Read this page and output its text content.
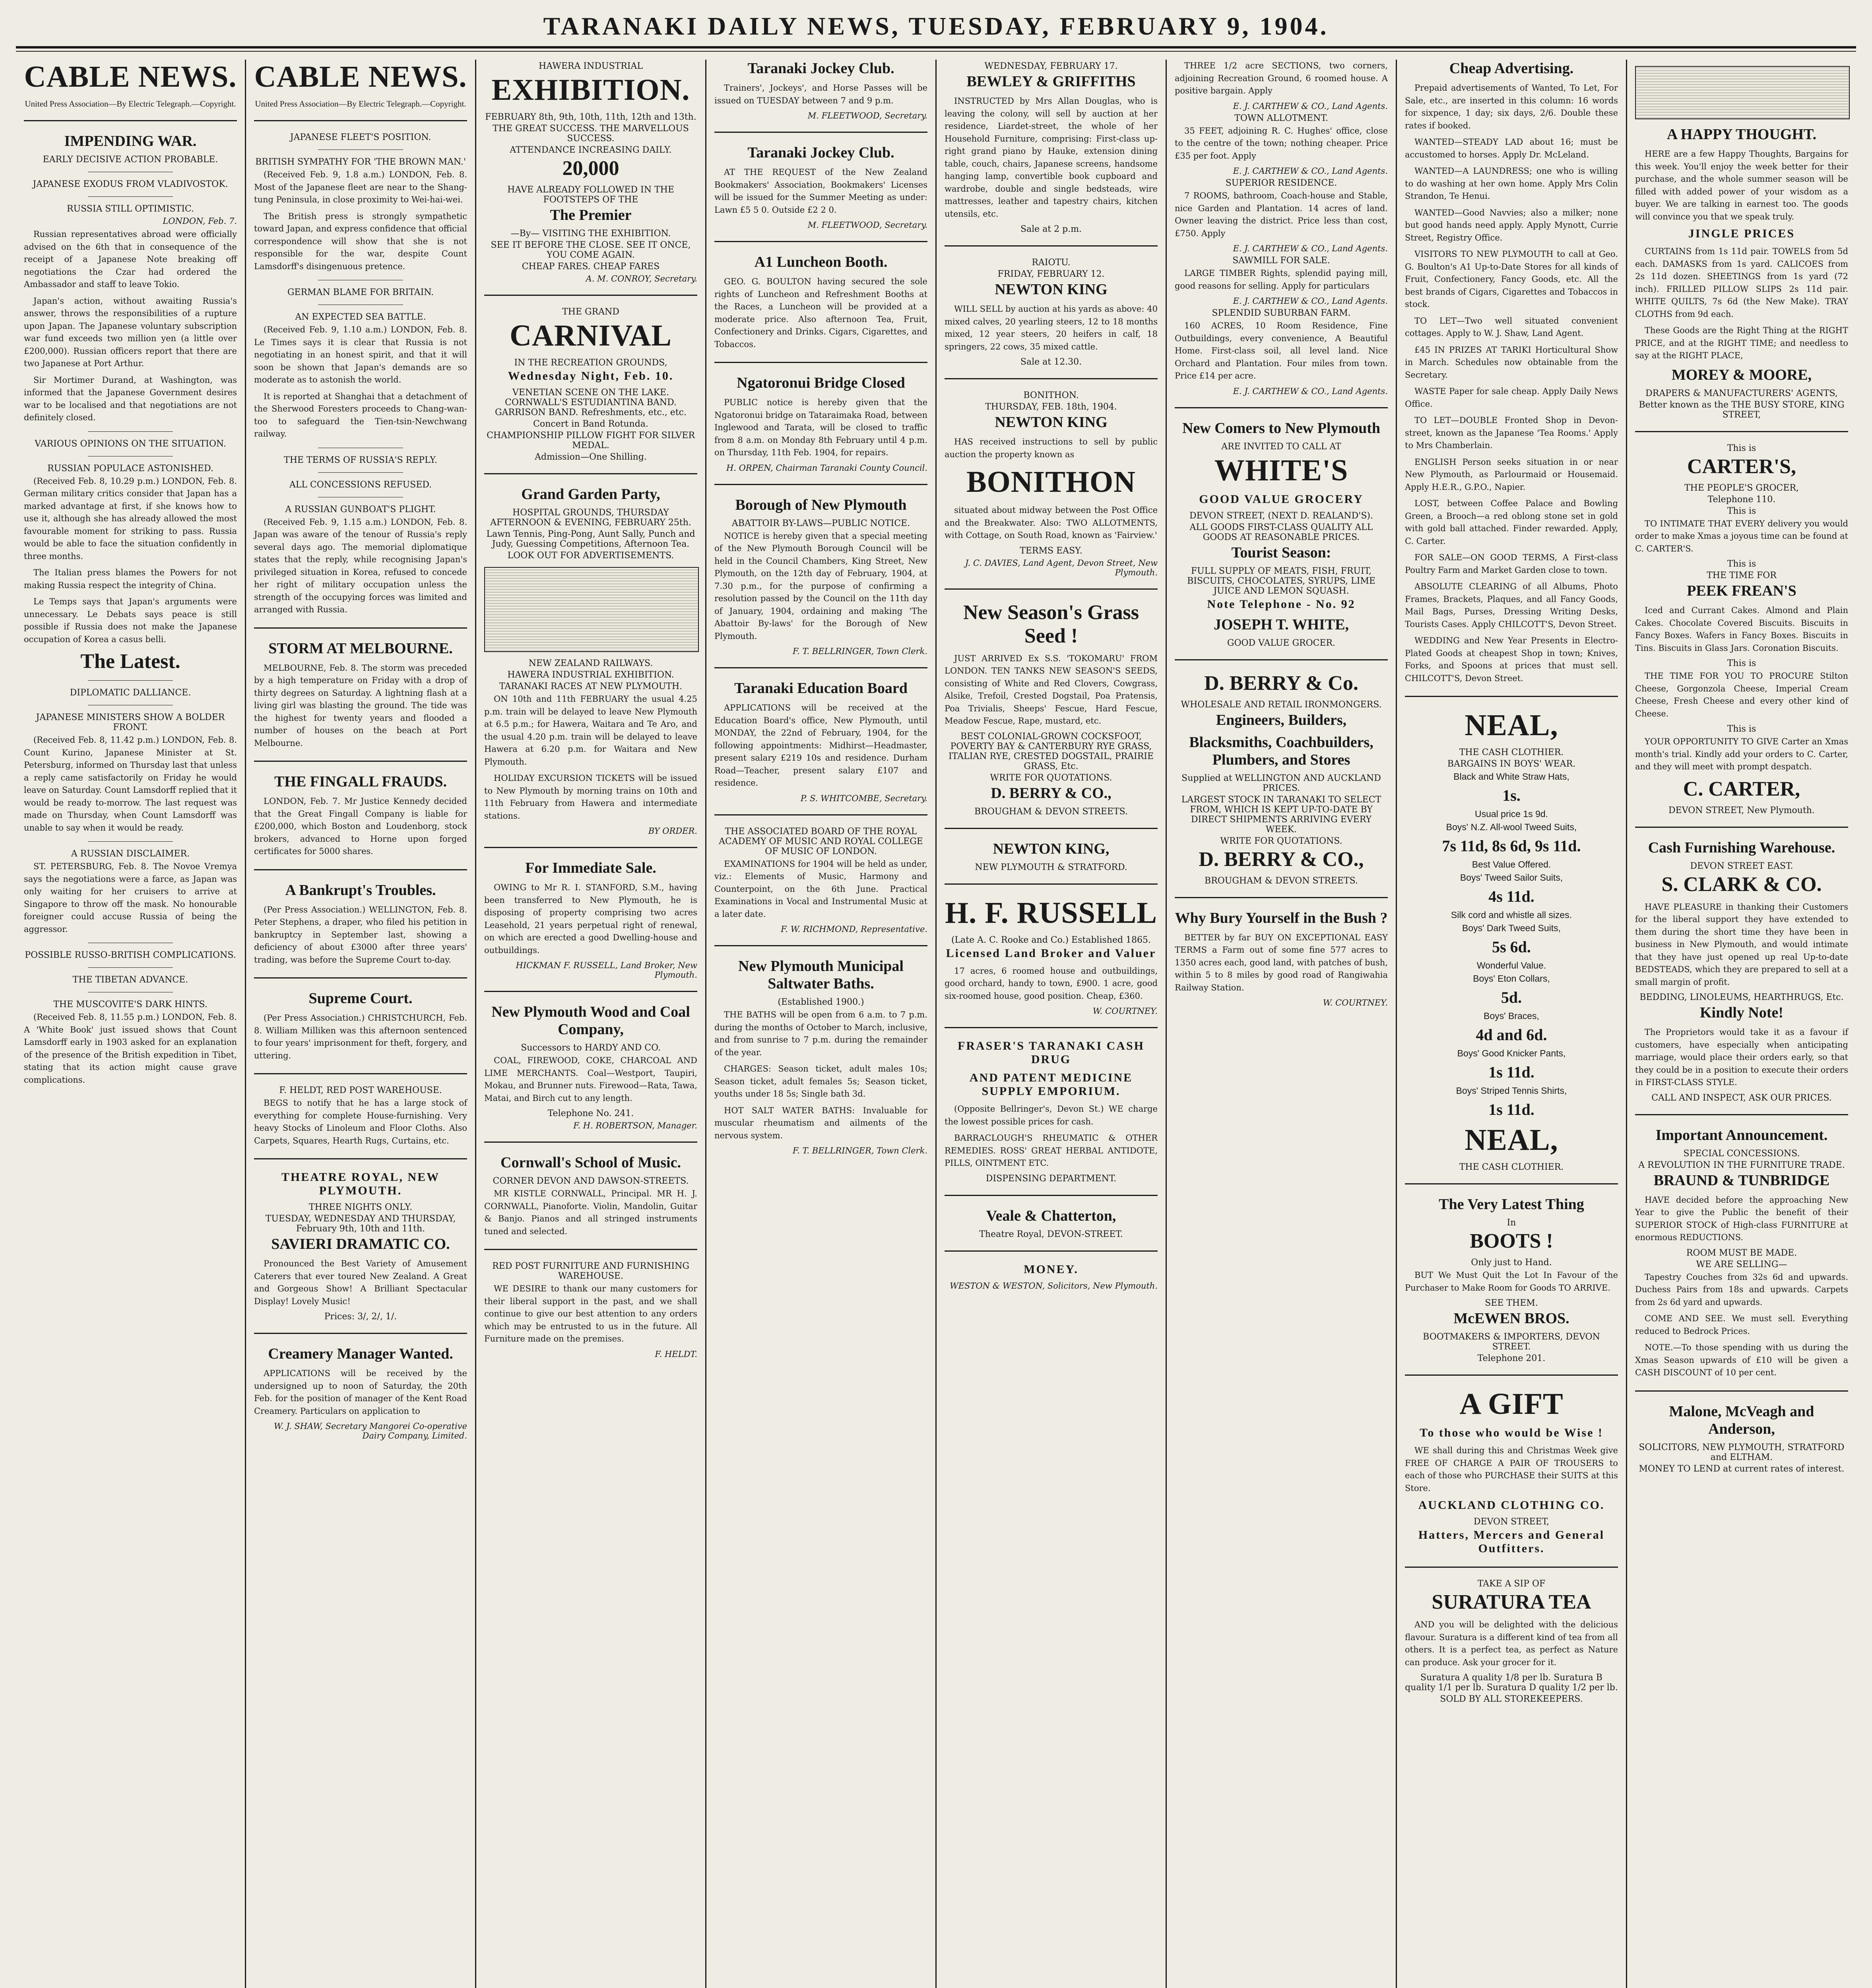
TARANAKI DAILY NEWS, TUESDAY, FEBRUARY 9, 1904.
CABLE NEWS.
United Press Association—By Electric Telegraph.—Copyright.
IMPENDING WAR.
EARLY DECISIVE ACTION PROBABLE.
JAPANESE EXODUS FROM VLADIVOSTOK.
RUSSIA STILL OPTIMISTIC.
LONDON, Feb. 7.

Russian representatives abroad were officially advised on the 6th that in consequence of the receipt of a Japanese Note breaking off negotiations the Czar had ordered the Ambassador and staff to leave Tokio.

Japan's action, without awaiting Russia's answer, throws the responsibilities of a rupture upon Japan. The Japanese voluntary subscription war fund exceeds two million yen (a little over £200,000). Russian officers report that there are two Japanese at Port Arthur.

Sir Mortimer Durand, at Washington, was informed that the Japanese Government desires war to be localised and that negotiations are not definitely closed.

VARIOUS OPINIONS ON THE SITUATION.
RUSSIAN POPULACE ASTONISHED.

(Received Feb. 8, 10.29 p.m.) LONDON, Feb. 8. German military critics consider that Japan has a marked advantage at first, if she knows how to use it, although she has already allowed the most favourable moment for striking to pass. Russia would be able to face the situation confidently in three months.

The Italian press blames the Powers for not making Russia respect the integrity of China.

Le Temps says that Japan's arguments were unnecessary. Le Debats says peace is still possible if Russia does not make the Japanese occupation of Korea a casus belli.

The Latest.
DIPLOMATIC DALLIANCE.
JAPANESE MINISTERS SHOW A BOLDER FRONT.

(Received Feb. 8, 11.42 p.m.) LONDON, Feb. 8. Count Kurino, Japanese Minister at St. Petersburg, informed on Thursday last that unless a reply came satisfactorily on Friday he would leave on Saturday. Count Lamsdorff replied that it would be ready to-morrow. The last request was made on Thursday, when Count Lamsdorff was unable to say when it would be ready.

A RUSSIAN DISCLAIMER.

ST. PETERSBURG, Feb. 8. The Novoe Vremya says the negotiations were a farce, as Japan was only waiting for her cruisers to arrive at Singapore to throw off the mask. No honourable foreigner could accuse Russia of being the aggressor.

POSSIBLE RUSSO-BRITISH COMPLICATIONS.
THE TIBETAN ADVANCE.
THE MUSCOVITE'S DARK HINTS.

(Received Feb. 8, 11.55 p.m.) LONDON, Feb. 8. A 'White Book' just issued shows that Count Lamsdorff early in 1903 asked for an explanation of the presence of the British expedition in Tibet, stating that its action might cause grave complications.

CABLE NEWS.
United Press Association—By Electric Telegraph.—Copyright.
JAPANESE FLEET'S POSITION.
BRITISH SYMPATHY FOR 'THE BROWN MAN.'

(Received Feb. 9, 1.8 a.m.) LONDON, Feb. 8. Most of the Japanese fleet are near to the Shang-tung Peninsula, in close proximity to Wei-hai-wei.

The British press is strongly sympathetic toward Japan, and express confidence that official correspondence will show that she is not responsible for the war, despite Count Lamsdorff's disingenuous pretence.

GERMAN BLAME FOR BRITAIN.
AN EXPECTED SEA BATTLE.

(Received Feb. 9, 1.10 a.m.) LONDON, Feb. 8. Le Times says it is clear that Russia is not negotiating in an honest spirit, and that it will soon be shown that Japan's demands are so moderate as to astonish the world.

It is reported at Shanghai that a detachment of the Sherwood Foresters proceeds to Chang-wan-too to safeguard the Tien-tsin-Newchwang railway.

THE TERMS OF RUSSIA'S REPLY.
ALL CONCESSIONS REFUSED.
A RUSSIAN GUNBOAT'S PLIGHT.

(Received Feb. 9, 1.15 a.m.) LONDON, Feb. 8. Japan was aware of the tenour of Russia's reply several days ago. The memorial diplomatique states that the reply, while recognising Japan's privileged situation in Korea, refused to concede her right of military occupation unless the strength of the occupying forces was limited and arranged with Russia.

STORM AT MELBOURNE.

MELBOURNE, Feb. 8. The storm was preceded by a high temperature on Friday with a drop of thirty degrees on Saturday. A lightning flash at a living girl was blasting the ground. The tide was the highest for twenty years and flooded a number of houses on the beach at Port Melbourne.

THE FINGALL FRAUDS.

LONDON, Feb. 7. Mr Justice Kennedy decided that the Great Fingall Company is liable for £200,000, which Boston and Loudenborg, stock brokers, advanced to Horne upon forged certificates for 5000 shares.

A Bankrupt's Troubles.

(Per Press Association.) WELLINGTON, Feb. 8. Peter Stephens, a draper, who filed his petition in bankruptcy in September last, showing a deficiency of about £3000 after three years' trading, was before the Supreme Court to-day.

Supreme Court.

(Per Press Association.) CHRISTCHURCH, Feb. 8. William Milliken was this afternoon sentenced to four years' imprisonment for theft, forgery, and uttering.

F. HELDT, RED POST WAREHOUSE.

BEGS to notify that he has a large stock of everything for complete House-furnishing. Very heavy Stocks of Linoleum and Floor Cloths. Also Carpets, Squares, Hearth Rugs, Curtains, etc.

THEATRE ROYAL, NEW PLYMOUTH.
THREE NIGHTS ONLY.
TUESDAY, WEDNESDAY AND THURSDAY, February 9th, 10th and 11th.
SAVIERI DRAMATIC CO.

Pronounced the Best Variety of Amusement Caterers that ever toured New Zealand. A Great and Gorgeous Show! A Brilliant Spectacular Display! Lovely Music!

Prices: 3/, 2/, 1/.
Creamery Manager Wanted.

APPLICATIONS will be received by the undersigned up to noon of Saturday, the 20th Feb. for the position of manager of the Kent Road Creamery. Particulars on application to

W. J. SHAW, Secretary Mangorei Co-operative Dairy Company, Limited.
HAWERA INDUSTRIAL
EXHIBITION.
FEBRUARY 8th, 9th, 10th, 11th, 12th and 13th.
THE GREAT SUCCESS. THE MARVELLOUS SUCCESS.
ATTENDANCE INCREASING DAILY.
20,000
HAVE ALREADY FOLLOWED IN THE FOOTSTEPS OF THE
The Premier
—By— VISITING THE EXHIBITION.
SEE IT BEFORE THE CLOSE. SEE IT ONCE, YOU COME AGAIN.
CHEAP FARES. CHEAP FARES
A. M. CONROY, Secretary.
THE GRAND
CARNIVAL
IN THE RECREATION GROUNDS,
Wednesday Night, Feb. 10.
VENETIAN SCENE ON THE LAKE. CORNWALL'S ESTUDIANTINA BAND. GARRISON BAND. Refreshments, etc., etc.
Concert in Band Rotunda.
CHAMPIONSHIP PILLOW FIGHT FOR SILVER MEDAL.
Admission—One Shilling.
Grand Garden Party,
HOSPITAL GROUNDS, THURSDAY AFTERNOON & EVENING, FEBRUARY 25th.
Lawn Tennis, Ping-Pong, Aunt Sally, Punch and Judy, Guessing Competitions, Afternoon Tea.
LOOK OUT FOR ADVERTISEMENTS.
NEW ZEALAND RAILWAYS.
HAWERA INDUSTRIAL EXHIBITION.
TARANAKI RACES AT NEW PLYMOUTH.

ON 10th and 11th FEBRUARY the usual 4.25 p.m. train will be delayed to leave New Plymouth at 6.5 p.m.; for Hawera, Waitara and Te Aro, and the usual 4.20 p.m. train will be delayed to leave Hawera at 6.20 p.m. for Waitara and New Plymouth.

HOLIDAY EXCURSION TICKETS will be issued to New Plymouth by morning trains on 10th and 11th February from Hawera and intermediate stations.

BY ORDER.
For Immediate Sale.

OWING to Mr R. I. STANFORD, S.M., having been transferred to New Plymouth, he is disposing of property comprising two acres Leasehold, 21 years perpetual right of renewal, on which are erected a good Dwelling-house and outbuildings.

HICKMAN F. RUSSELL, Land Broker, New Plymouth.
New Plymouth Wood and Coal Company,
Successors to HARDY AND CO.

COAL, FIREWOOD, COKE, CHARCOAL AND LIME MERCHANTS. Coal—Westport, Taupiri, Mokau, and Brunner nuts. Firewood—Rata, Tawa, Matai, and Birch cut to any length.

Telephone No. 241.
F. H. ROBERTSON, Manager.
Cornwall's School of Music.
CORNER DEVON AND DAWSON-STREETS.

MR KISTLE CORNWALL, Principal. MR H. J. CORNWALL, Pianoforte. Violin, Mandolin, Guitar & Banjo. Pianos and all stringed instruments tuned and selected.

RED POST FURNITURE AND FURNISHING WAREHOUSE.

WE DESIRE to thank our many customers for their liberal support in the past, and we shall continue to give our best attention to any orders which may be entrusted to us in the future. All Furniture made on the premises.

F. HELDT.
Taranaki Jockey Club.

Trainers', Jockeys', and Horse Passes will be issued on TUESDAY between 7 and 9 p.m.

M. FLEETWOOD, Secretary.
Taranaki Jockey Club.

AT THE REQUEST of the New Zealand Bookmakers' Association, Bookmakers' Licenses will be issued for the Summer Meeting as under: Lawn £5 5 0. Outside £2 2 0.

M. FLEETWOOD, Secretary.
A1 Luncheon Booth.

GEO. G. BOULTON having secured the sole rights of Luncheon and Refreshment Booths at the Races, a Luncheon will be provided at a moderate price. Also afternoon Tea, Fruit, Confectionery and Drinks. Cigars, Cigarettes, and Tobaccos.

Ngatoronui Bridge Closed

PUBLIC notice is hereby given that the Ngatoronui bridge on Tataraimaka Road, between Inglewood and Tarata, will be closed to traffic from 8 a.m. on Monday 8th February until 4 p.m. on Thursday, 11th Feb. 1904, for repairs.

H. ORPEN, Chairman Taranaki County Council.
Borough of New Plymouth
ABATTOIR BY-LAWS—PUBLIC NOTICE.

NOTICE is hereby given that a special meeting of the New Plymouth Borough Council will be held in the Council Chambers, King Street, New Plymouth, on the 12th day of February, 1904, at 7.30 p.m., for the purpose of confirming a resolution passed by the Council on the 11th day of January, 1904, ordaining and making 'The Abattoir By-laws' for the Borough of New Plymouth.

F. T. BELLRINGER, Town Clerk.
Taranaki Education Board

APPLICATIONS will be received at the Education Board's office, New Plymouth, until MONDAY, the 22nd of February, 1904, for the following appointments: Midhirst—Headmaster, present salary £219 10s and residence. Durham Road—Teacher, present salary £107 and residence.

P. S. WHITCOMBE, Secretary.
THE ASSOCIATED BOARD OF THE ROYAL ACADEMY OF MUSIC AND ROYAL COLLEGE OF MUSIC OF LONDON.

EXAMINATIONS for 1904 will be held as under, viz.: Elements of Music, Harmony and Counterpoint, on the 6th June. Practical Examinations in Vocal and Instrumental Music at a later date.

F. W. RICHMOND, Representative.
New Plymouth Municipal Saltwater Baths.
(Established 1900.)

THE BATHS will be open from 6 a.m. to 7 p.m. during the months of October to March, inclusive, and from sunrise to 7 p.m. during the remainder of the year.

CHARGES: Season ticket, adult males 10s; Season ticket, adult females 5s; Season ticket, youths under 18 5s; Single bath 3d.

HOT SALT WATER BATHS: Invaluable for muscular rheumatism and ailments of the nervous system.

F. T. BELLRINGER, Town Clerk.
WEDNESDAY, FEBRUARY 17.
BEWLEY & GRIFFITHS

INSTRUCTED by Mrs Allan Douglas, who is leaving the colony, will sell by auction at her residence, Liardet-street, the whole of her Household Furniture, comprising: First-class up-right grand piano by Hauke, extension dining table, couch, chairs, Japanese screens, handsome hanging lamp, convertible book cupboard and wardrobe, double and single bedsteads, wire mattresses, leather and tapestry chairs, kitchen utensils, etc.

Sale at 2 p.m.
RAIOTU.
FRIDAY, FEBRUARY 12.
NEWTON KING

WILL SELL by auction at his yards as above: 40 mixed calves, 20 yearling steers, 12 to 18 months mixed, 12 year steers, 20 heifers in calf, 18 springers, 22 cows, 35 mixed cattle.

Sale at 12.30.
BONITHON.
THURSDAY, FEB. 18th, 1904.
NEWTON KING

HAS received instructions to sell by public auction the property known as

BONITHON

situated about midway between the Post Office and the Breakwater. Also: TWO ALLOTMENTS, with Cottage, on South Road, known as 'Fairview.'

TERMS EASY.
J. C. DAVIES, Land Agent, Devon Street, New Plymouth.
New Season's Grass Seed !

JUST ARRIVED Ex S.S. 'TOKOMARU' FROM LONDON. TEN TANKS NEW SEASON'S SEEDS, consisting of White and Red Clovers, Cowgrass, Alsike, Trefoil, Crested Dogstail, Poa Pratensis, Poa Trivialis, Sheeps' Fescue, Hard Fescue, Meadow Fescue, Rape, mustard, etc.

BEST COLONIAL-GROWN COCKSFOOT, POVERTY BAY & CANTERBURY RYE GRASS, ITALIAN RYE, CRESTED DOGSTAIL, PRAIRIE GRASS, Etc.
WRITE FOR QUOTATIONS.
D. BERRY & CO.,
BROUGHAM & DEVON STREETS.
NEWTON KING,
NEW PLYMOUTH & STRATFORD.
H. F. RUSSELL
(Late A. C. Rooke and Co.) Established 1865.
Licensed Land Broker and Valuer

17 acres, 6 roomed house and outbuildings, good orchard, handy to town, £900. 1 acre, good six-roomed house, good position. Cheap, £360.

W. COURTNEY.
FRASER'S TARANAKI CASH DRUG
AND PATENT MEDICINE SUPPLY EMPORIUM.

(Opposite Bellringer's, Devon St.) WE charge the lowest possible prices for cash.

BARRACLOUGH'S RHEUMATIC & OTHER REMEDIES. ROSS' GREAT HERBAL ANTIDOTE, PILLS, OINTMENT ETC.

DISPENSING DEPARTMENT.
Veale & Chatterton,
Theatre Royal, DEVON-STREET.
MONEY.
WESTON & WESTON, Solicitors, New Plymouth.

THREE 1/2 acre SECTIONS, two corners, adjoining Recreation Ground, 6 roomed house. A positive bargain. Apply

E. J. CARTHEW & CO., Land Agents.
TOWN ALLOTMENT.

35 FEET, adjoining R. C. Hughes' office, close to the centre of the town; nothing cheaper. Price £35 per foot. Apply

E. J. CARTHEW & CO., Land Agents.
SUPERIOR RESIDENCE.

7 ROOMS, bathroom, Coach-house and Stable, nice Garden and Plantation. 14 acres of land. Owner leaving the district. Price less than cost, £750. Apply

E. J. CARTHEW & CO., Land Agents.
SAWMILL FOR SALE.

LARGE TIMBER Rights, splendid paying mill, good reasons for selling. Apply for particulars

E. J. CARTHEW & CO., Land Agents.
SPLENDID SUBURBAN FARM.

160 ACRES, 10 Room Residence, Fine Outbuildings, every convenience, A Beautiful Home. First-class soil, all level land. Nice Orchard and Plantation. Four miles from town. Price £14 per acre.

E. J. CARTHEW & CO., Land Agents.
New Comers to New Plymouth
ARE INVITED TO CALL AT
WHITE'S
GOOD VALUE GROCERY
DEVON STREET, (NEXT D. REALAND'S).
ALL GOODS FIRST-CLASS QUALITY ALL GOODS AT REASONABLE PRICES.
Tourist Season:
FULL SUPPLY OF MEATS, FISH, FRUIT, BISCUITS, CHOCOLATES, SYRUPS, LIME JUICE AND LEMON SQUASH.
Note Telephone - No. 92
JOSEPH T. WHITE,
GOOD VALUE GROCER.
D. BERRY & Co.
WHOLESALE AND RETAIL IRONMONGERS.
Engineers, Builders,
Blacksmiths, Coachbuilders, Plumbers, and Stores
Supplied at WELLINGTON AND AUCKLAND PRICES.
LARGEST STOCK IN TARANAKI TO SELECT FROM, WHICH IS KEPT UP-TO-DATE BY DIRECT SHIPMENTS ARRIVING EVERY WEEK.
WRITE FOR QUOTATIONS.
D. BERRY & CO.,
BROUGHAM & DEVON STREETS.
Why Bury Yourself in the Bush ?

BETTER by far BUY ON EXCEPTIONAL EASY TERMS a Farm out of some fine 577 acres to 1350 acres each, good land, with patches of bush, within 5 to 8 miles by good road of Rangiwahia Railway Station.

W. COURTNEY.
Cheap Advertising.

Prepaid advertisements of Wanted, To Let, For Sale, etc., are inserted in this column: 16 words for sixpence, 1 day; six days, 2/6. Double these rates if booked.

WANTED—STEADY LAD about 16; must be accustomed to horses. Apply Dr. McLeland.

WANTED—A LAUNDRESS; one who is willing to do washing at her own home. Apply Mrs Colin Strandon, Te Henui.

WANTED—Good Navvies; also a milker; none but good hands need apply. Apply Mynott, Currie Street, Registry Office.

VISITORS TO NEW PLYMOUTH to call at Geo. G. Boulton's A1 Up-to-Date Stores for all kinds of Fruit, Confectionery, Fancy Goods, etc. All the best brands of Cigars, Cigarettes and Tobaccos in stock.

TO LET—Two well situated convenient cottages. Apply to W. J. Shaw, Land Agent.

£45 IN PRIZES AT TARIKI Horticultural Show in March. Schedules now obtainable from the Secretary.

WASTE Paper for sale cheap. Apply Daily News Office.

TO LET—DOUBLE Fronted Shop in Devon-street, known as the Japanese 'Tea Rooms.' Apply to Mrs Chamberlain.

ENGLISH Person seeks situation in or near New Plymouth, as Parlourmaid or Housemaid. Apply H.E.R., G.P.O., Napier.

LOST, between Coffee Palace and Bowling Green, a Brooch—a red oblong stone set in gold with gold ball attached. Finder rewarded. Apply, C. Carter.

FOR SALE—ON GOOD TERMS, A First-class Poultry Farm and Market Garden close to town.

ABSOLUTE CLEARING of all Albums, Photo Frames, Brackets, Plaques, and all Fancy Goods, Mail Bags, Purses, Dressing Writing Desks, Tourists Cases. Apply CHILCOTT'S, Devon Street.

WEDDING and New Year Presents in Electro-Plated Goods at cheapest Shop in town; Knives, Forks, and Spoons at prices that must sell. CHILCOTT'S, Devon Street.

NEAL,
THE CASH CLOTHIER.
BARGAINS IN BOYS' WEAR.
Black and White Straw Hats,
1s.
Usual price 1s 9d.
Boys' N.Z. All-wool Tweed Suits,
7s 11d, 8s 6d, 9s 11d.
Best Value Offered.
Boys' Tweed Sailor Suits,
4s 11d.
Silk cord and whistle all sizes.
Boys' Dark Tweed Suits,
5s 6d.
Wonderful Value.
Boys' Eton Collars,
5d.
Boys' Braces,
4d and 6d.
Boys' Good Knicker Pants,
1s 11d.
Boys' Striped Tennis Shirts,
1s 11d.
NEAL,
THE CASH CLOTHIER.
The Very Latest Thing
In
BOOTS !
Only just to Hand.

BUT We Must Quit the Lot In Favour of the Purchaser to Make Room for Goods TO ARRIVE.

SEE THEM.
McEWEN BROS.
BOOTMAKERS & IMPORTERS, DEVON STREET.
Telephone 201.
A GIFT
To those who would be Wise !

WE shall during this and Christmas Week give FREE OF CHARGE A PAIR OF TROUSERS to each of those who PURCHASE their SUITS at this Store.

AUCKLAND CLOTHING CO.
DEVON STREET,
Hatters, Mercers and General Outfitters.
TAKE A SIP OF
SURATURA TEA

AND you will be delighted with the delicious flavour. Suratura is a different kind of tea from all others. It is a perfect tea, as perfect as Nature can produce. Ask your grocer for it.

Suratura A quality 1/8 per lb. Suratura B quality 1/1 per lb. Suratura D quality 1/2 per lb.
SOLD BY ALL STOREKEEPERS.
A HAPPY THOUGHT.

HERE are a few Happy Thoughts, Bargains for this week. You'll enjoy the week better for their purchase, and the whole summer season will be filled with added power of your wisdom as a buyer. We are talking in earnest too. The goods will convince you that we speak truly.

JINGLE PRICES

CURTAINS from 1s 11d pair. TOWELS from 5d each. DAMASKS from 1s yard. CALICOES from 2s 11d dozen. SHEETINGS from 1s yard (72 inch). FRILLED PILLOW SLIPS 2s 11d pair. WHITE QUILTS, 7s 6d (the New Make). TRAY CLOTHS from 9d each.

These Goods are the Right Thing at the RIGHT PRICE, and at the RIGHT TIME; and needless to say at the RIGHT PLACE,

MOREY & MOORE,
DRAPERS & MANUFACTURERS' AGENTS,
Better known as the THE BUSY STORE, KING STREET,
This is
CARTER'S,
THE PEOPLE'S GROCER,
Telephone 110.
This is

TO INTIMATE THAT EVERY delivery you would order to make Xmas a joyous time can be found at C. CARTER'S.

This is
THE TIME FOR
PEEK FREAN'S

Iced and Currant Cakes. Almond and Plain Cakes. Chocolate Covered Biscuits. Biscuits in Fancy Boxes. Wafers in Fancy Boxes. Biscuits in Tins. Biscuits in Glass Jars. Coronation Biscuits.

This is

THE TIME FOR YOU TO PROCURE Stilton Cheese, Gorgonzola Cheese, Imperial Cream Cheese, Fresh Cheese and every other kind of Cheese.

This is

YOUR OPPORTUNITY TO GIVE Carter an Xmas month's trial. Kindly add your orders to C. Carter, and they will meet with prompt despatch.

C. CARTER,
DEVON STREET, New Plymouth.
Cash Furnishing Warehouse.
DEVON STREET EAST.
S. CLARK & CO.

HAVE PLEASURE in thanking their Customers for the liberal support they have extended to them during the short time they have been in business in New Plymouth, and would intimate that they have just opened up real Up-to-date BEDSTEADS, which they are prepared to sell at a small margin of profit.

BEDDING, LINOLEUMS, HEARTHRUGS, Etc.
Kindly Note!

The Proprietors would take it as a favour if customers, have especially when anticipating marriage, would place their orders early, so that they could be in a position to execute their orders in FIRST-CLASS STYLE.

CALL AND INSPECT, ASK OUR PRICES.
Important Announcement.
SPECIAL CONCESSIONS.
A REVOLUTION IN THE FURNITURE TRADE.
BRAUND & TUNBRIDGE

HAVE decided before the approaching New Year to give the Public the benefit of their SUPERIOR STOCK of High-class FURNITURE at enormous REDUCTIONS.

ROOM MUST BE MADE.
WE ARE SELLING—

Tapestry Couches from 32s 6d and upwards. Duchess Pairs from 18s and upwards. Carpets from 2s 6d yard and upwards.

COME AND SEE. We must sell. Everything reduced to Bedrock Prices.

NOTE.—To those spending with us during the Xmas Season upwards of £10 will be given a CASH DISCOUNT of 10 per cent.

Malone, McVeagh and Anderson,
SOLICITORS, NEW PLYMOUTH, STRATFORD and ELTHAM.
MONEY TO LEND at current rates of interest.
